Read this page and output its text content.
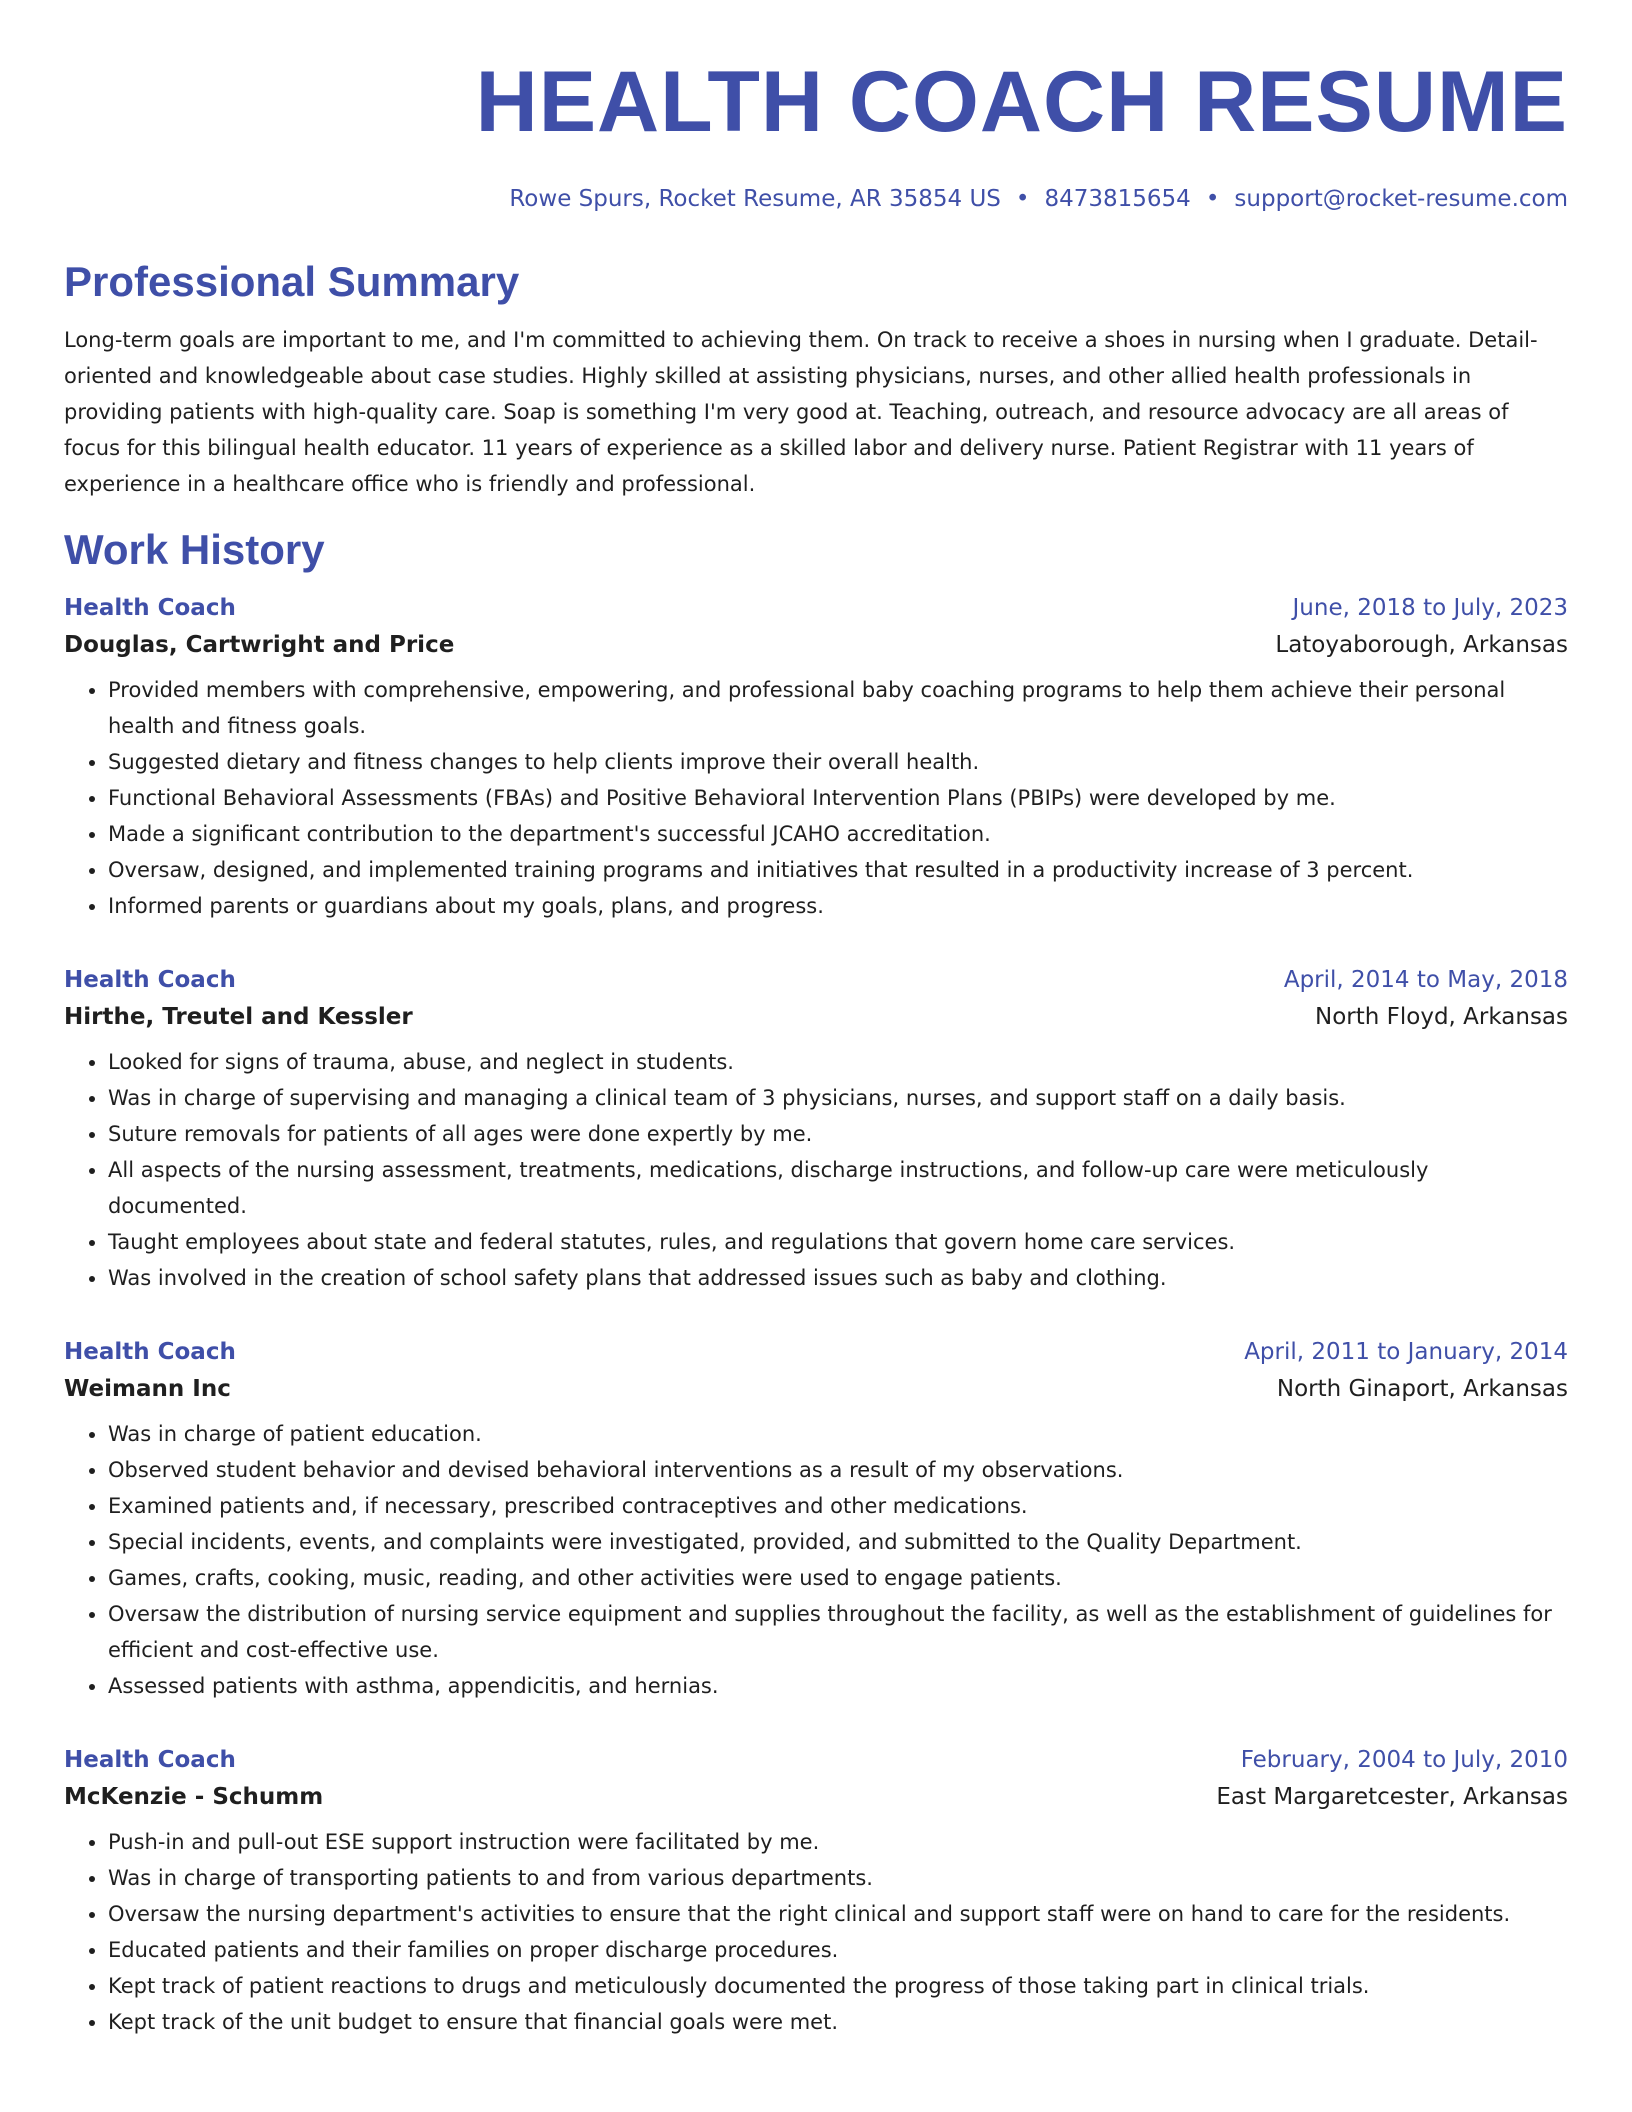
HEALTH COACH RESUME
Rowe Spurs, Rocket Resume, AR 35854 US • 8473815654 • support@rocket-resume.com
Professional Summary

Long-term goals are important to me, and I'm committed to achieving them. On track to receive a shoes in nursing when I graduate. Detail-oriented and knowledgeable about case studies. Highly skilled at assisting physicians, nurses, and other allied health professionals in providing patients with high-quality care. Soap is something I'm very good at. Teaching, outreach, and resource advocacy are all areas of focus for this bilingual health educator. 11 years of experience as a skilled labor and delivery nurse. Patient Registrar with 11 years of experience in a healthcare office who is friendly and professional.

Work History
Health Coach	June, 2018 to July, 2023
Douglas, Cartwright and Price	Latoyaborough, Arkansas
• Provided members with comprehensive, empowering, and professional baby coaching programs to help them achieve their personal health and fitness goals.
• Suggested dietary and fitness changes to help clients improve their overall health.
• Functional Behavioral Assessments (FBAs) and Positive Behavioral Intervention Plans (PBIPs) were developed by me.
• Made a significant contribution to the department's successful JCAHO accreditation.
• Oversaw, designed, and implemented training programs and initiatives that resulted in a productivity increase of 3 percent.
• Informed parents or guardians about my goals, plans, and progress.
Health Coach	April, 2014 to May, 2018
Hirthe, Treutel and Kessler	North Floyd, Arkansas
• Looked for signs of trauma, abuse, and neglect in students.
• Was in charge of supervising and managing a clinical team of 3 physicians, nurses, and support staff on a daily basis.
• Suture removals for patients of all ages were done expertly by me.
• All aspects of the nursing assessment, treatments, medications, discharge instructions, and follow-up care were meticulously documented.
• Taught employees about state and federal statutes, rules, and regulations that govern home care services.
• Was involved in the creation of school safety plans that addressed issues such as baby and clothing.
Health Coach	April, 2011 to January, 2014
Weimann Inc	North Ginaport, Arkansas
• Was in charge of patient education.
• Observed student behavior and devised behavioral interventions as a result of my observations.
• Examined patients and, if necessary, prescribed contraceptives and other medications.
• Special incidents, events, and complaints were investigated, provided, and submitted to the Quality Department.
• Games, crafts, cooking, music, reading, and other activities were used to engage patients.
• Oversaw the distribution of nursing service equipment and supplies throughout the facility, as well as the establishment of guidelines for efficient and cost-effective use.
• Assessed patients with asthma, appendicitis, and hernias.
Health Coach	February, 2004 to July, 2010
McKenzie - Schumm	East Margaretcester, Arkansas
• Push-in and pull-out ESE support instruction were facilitated by me.
• Was in charge of transporting patients to and from various departments.
• Oversaw the nursing department's activities to ensure that the right clinical and support staff were on hand to care for the residents.
• Educated patients and their families on proper discharge procedures.
• Kept track of patient reactions to drugs and meticulously documented the progress of those taking part in clinical trials.
• Kept track of the unit budget to ensure that financial goals were met.
